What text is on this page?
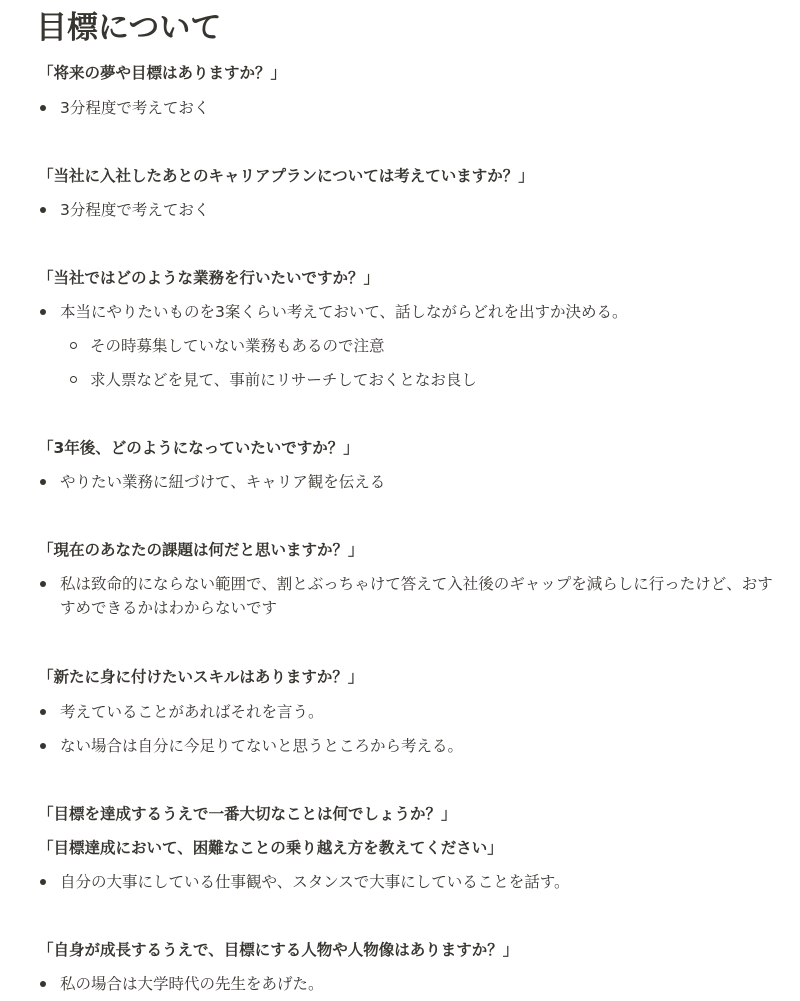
目標について

「将来の夢や目標はありますか？」

3分程度で考えておく

「当社に入社したあとのキャリアプランについては考えていますか？」

3分程度で考えておく

「当社ではどのような業務を行いたいですか？」

本当にやりたいものを3案くらい考えておいて、話しながらどれを出すか決める。
その時募集していない業務もあるので注意
求人票などを見て、事前にリサーチしておくとなお良し

「3年後、どのようになっていたいですか？」

やりたい業務に紐づけて、キャリア観を伝える

「現在のあなたの課題は何だと思いますか？」

私は致命的にならない範囲で、割とぶっちゃけて答えて入社後のギャップを減らしに行ったけど、おすすめできるかはわからないです

「新たに身に付けたいスキルはありますか？」

考えていることがあればそれを言う。
ない場合は自分に今足りてないと思うところから考える。

「目標を達成するうえで一番大切なことは何でしょうか？」

「目標達成において、困難なことの乗り越え方を教えてください」

自分の大事にしている仕事観や、スタンスで大事にしていることを話す。

「自身が成長するうえで、目標にする人物や人物像はありますか？」

私の場合は大学時代の先生をあげた。
